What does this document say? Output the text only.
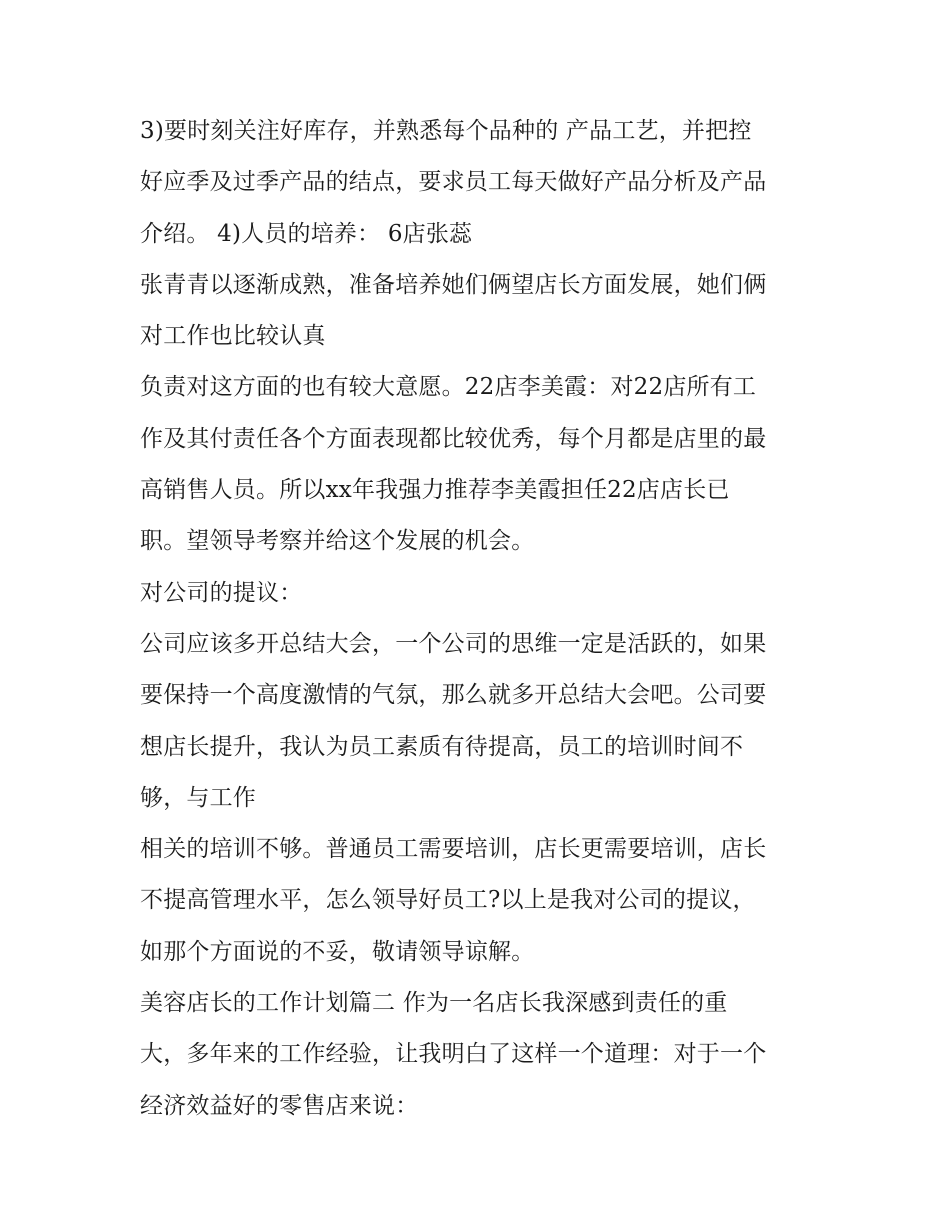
3)要时刻关注好库存，并熟悉每个品种的 产品工艺，并把控
好应季及过季产品的结点，要求员工每天做好产品分析及产品
介绍。 4)人员的培养： 6店张蕊
张青青以逐渐成熟，准备培养她们俩望店长方面发展，她们俩
对工作也比较认真
负责对这方面的也有较大意愿。22店李美霞：对22店所有工
作及其付责任各个方面表现都比较优秀，每个月都是店里的最
高销售人员。所以xx年我强力推荐李美霞担任22店店长已
职。望领导考察并给这个发展的机会。
对公司的提议：
公司应该多开总结大会，一个公司的思维一定是活跃的，如果
要保持一个高度激情的气氛，那么就多开总结大会吧。公司要
想店长提升，我认为员工素质有待提高，员工的培训时间不
够，与工作
相关的培训不够。普通员工需要培训，店长更需要培训，店长
不提高管理水平，怎么领导好员工?以上是我对公司的提议，
如那个方面说的不妥，敬请领导谅解。
美容店长的工作计划篇二 作为一名店长我深感到责任的重
大，多年来的工作经验，让我明白了这样一个道理：对于一个
经济效益好的零售店来说：
